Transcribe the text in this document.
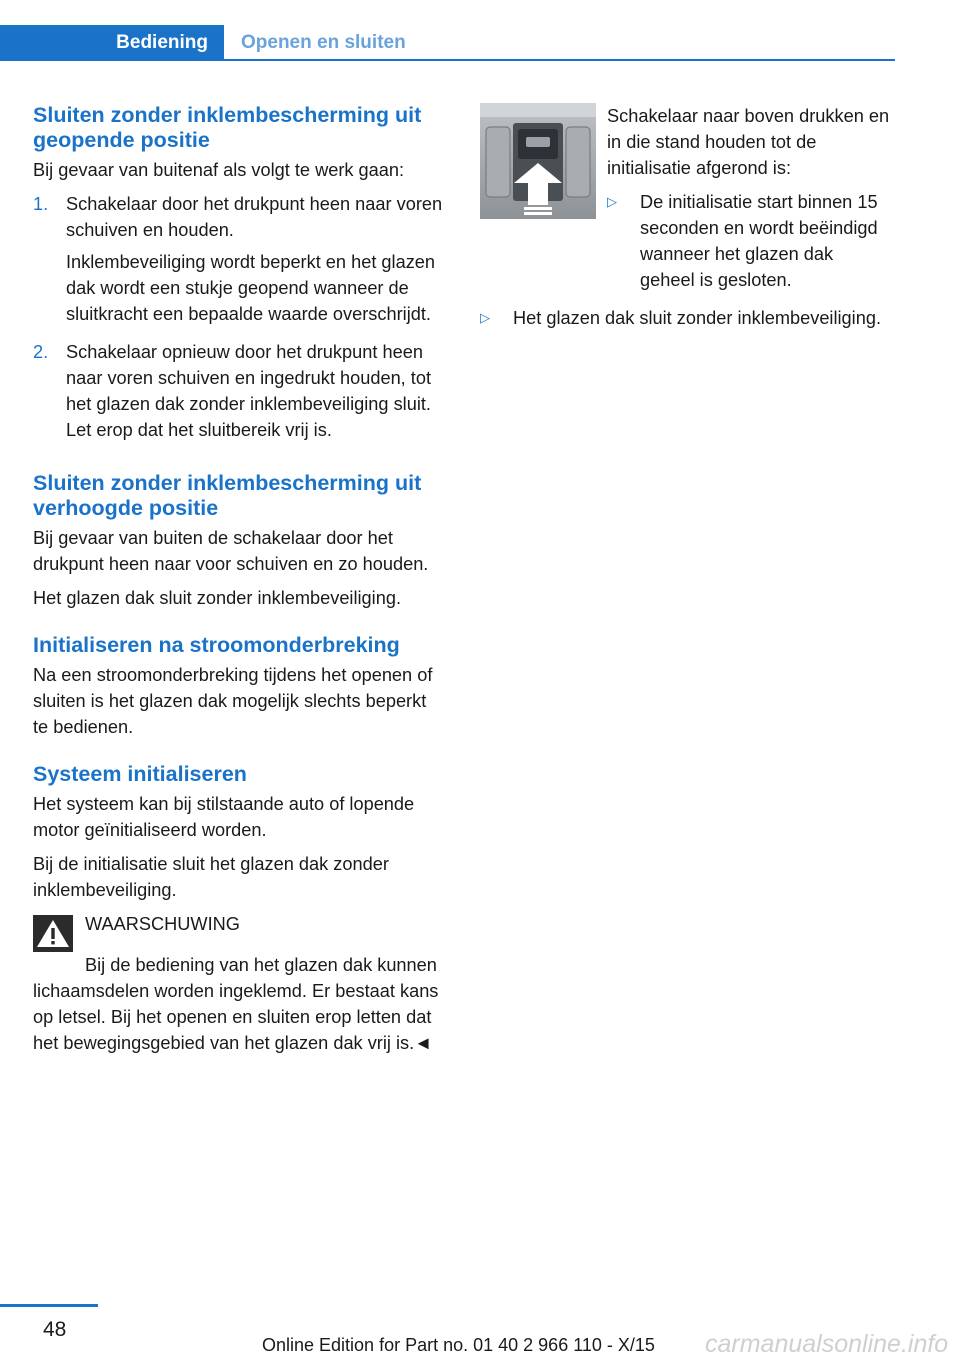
Bediening	Openen en sluiten
Sluiten zonder inklembescherming uit geopende positie

Bij gevaar van buitenaf als volgt te werk gaan:

1. Schakelaar door het drukpunt heen naar voren schuiven en houden.

Inklembeveiliging wordt beperkt en het glazen dak wordt een stukje geopend wanneer de sluitkracht een bepaalde waarde overschrijdt.

2. Schakelaar opnieuw door het drukpunt heen naar voren schuiven en ingedrukt houden, tot het glazen dak zonder inklembeveiliging sluit. Let erop dat het sluitbereik vrij is.

Sluiten zonder inklembescherming uit verhoogde positie

Bij gevaar van buiten de schakelaar door het drukpunt heen naar voor schuiven en zo houden.

Het glazen dak sluit zonder inklembeveiliging.

Initialiseren na stroomonderbreking

Na een stroomonderbreking tijdens het openen of sluiten is het glazen dak mogelijk slechts beperkt te bedienen.

Systeem initialiseren

Het systeem kan bij stilstaande auto of lopende motor geïnitialiseerd worden.

Bij de initialisatie sluit het glazen dak zonder inklembeveiliging.

WAARSCHUWING
Bij de bediening van het glazen dak kunnen lichaamsdelen worden ingeklemd. Er bestaat kans op letsel. Bij het openen en sluiten erop letten dat het bewegingsgebied van het glazen dak vrij is.◄

Schakelaar naar boven drukken en in die stand houden tot de initialisatie afgerond is:

▷	De initialisatie start binnen 15 seconden en wordt beëindigd wanneer het glazen dak geheel is gesloten.
▷	Het glazen dak sluit zonder inklembeveiliging.
48
Online Edition for Part no. 01 40 2 966 110 - X/15 carmanualsonline.info
